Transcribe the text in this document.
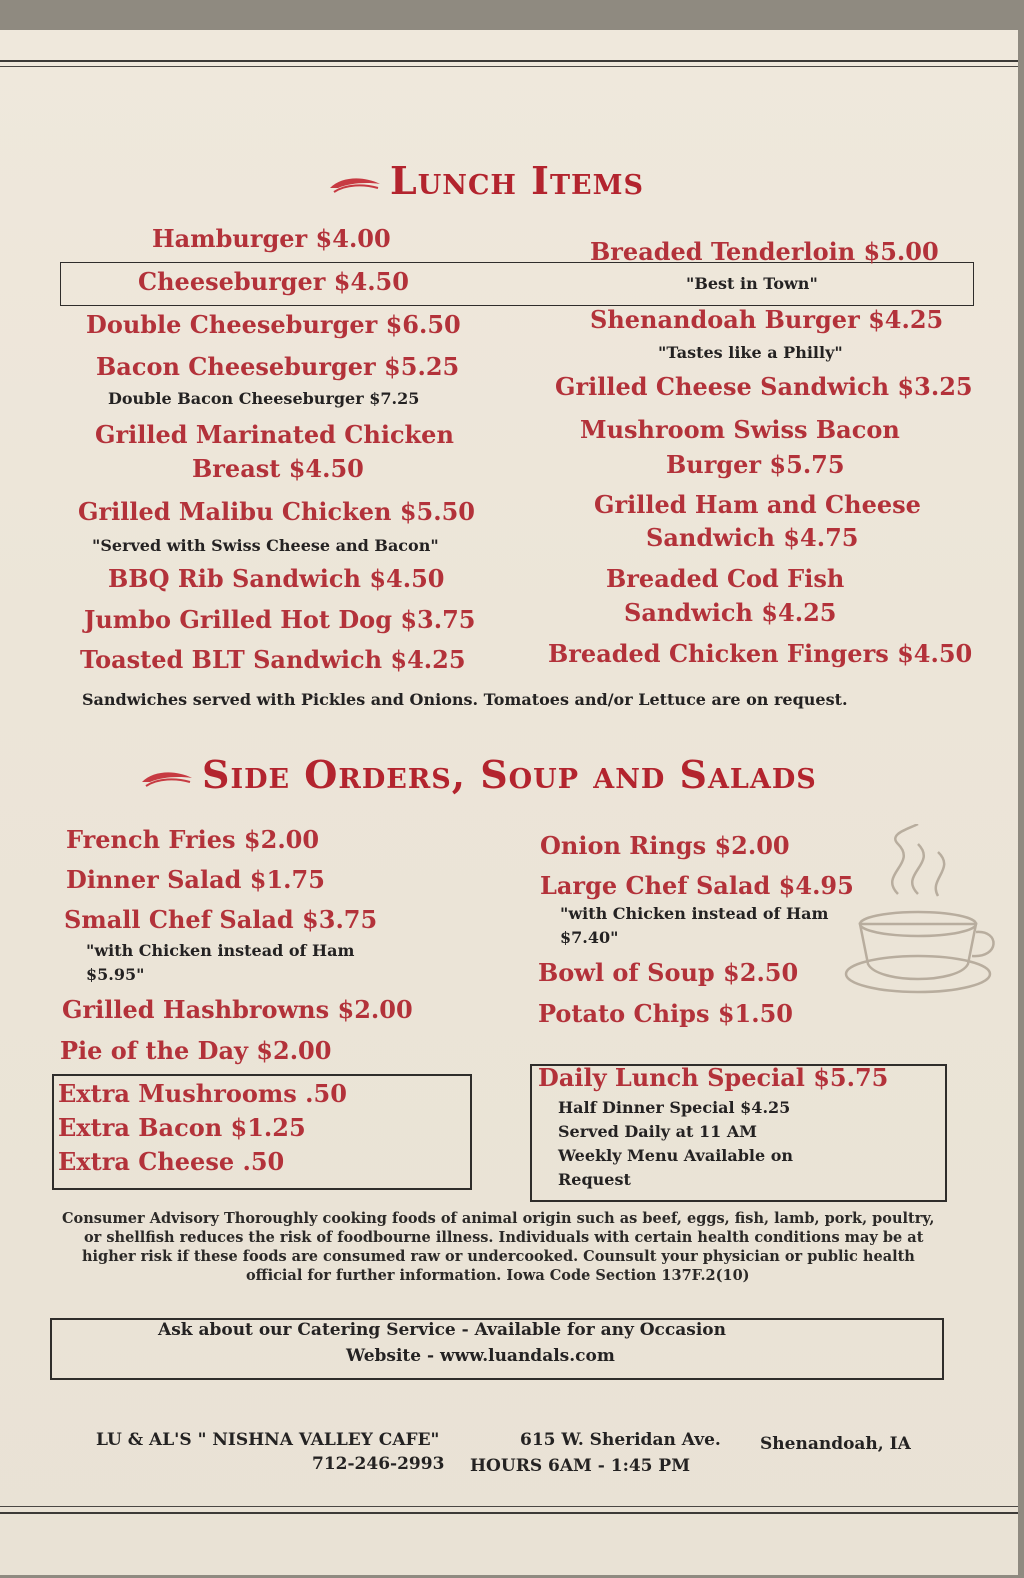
Lunch Items
Hamburger $4.00
Cheeseburger $4.50
Double Cheeseburger $6.50
Bacon Cheeseburger $5.25
Double Bacon Cheeseburger $7.25
Grilled Marinated Chicken
Breast $4.50
Grilled Malibu Chicken $5.50
"Served with Swiss Cheese and Bacon"
BBQ Rib Sandwich $4.50
Jumbo Grilled Hot Dog $3.75
Toasted BLT Sandwich $4.25
Breaded Tenderloin $5.00
"Best in Town"
Shenandoah Burger $4.25
"Tastes like a Philly"
Grilled Cheese Sandwich $3.25
Mushroom Swiss Bacon
Burger $5.75
Grilled Ham and Cheese
Sandwich $4.75
Breaded Cod Fish
Sandwich $4.25
Breaded Chicken Fingers $4.50
Sandwiches served with Pickles and Onions. Tomatoes and/or Lettuce are on request.
Side Orders, Soup and Salads
French Fries $2.00
Dinner Salad $1.75
Small Chef Salad $3.75
"with Chicken instead of Ham
$5.95"
Grilled Hashbrowns $2.00
Pie of the Day $2.00
Onion Rings $2.00
Large Chef Salad $4.95
"with Chicken instead of Ham
$7.40"
Bowl of Soup $2.50
Potato Chips $1.50
Extra Mushrooms .50
Extra Bacon $1.25
Extra Cheese .50
Daily Lunch Special $5.75
Half Dinner Special $4.25
Served Daily at 11 AM
Weekly Menu Available on
Request
Consumer Advisory Thoroughly cooking foods of animal origin such as beef, eggs, fish, lamb, pork, poultry,
or shellfish reduces the risk of foodbourne illness. Individuals with certain health conditions may be at
higher risk if these foods are consumed raw or undercooked. Counsult your physician or public health
official for further information. Iowa Code Section 137F.2(10)
Ask about our Catering Service - Available for any Occasion
Website - www.luandals.com
LU & AL'S " NISHNA VALLEY CAFE"	615 W. Sheridan Ave. Shenandoah, IA
712-246-2993 HOURS 6AM - 1:45 PM
